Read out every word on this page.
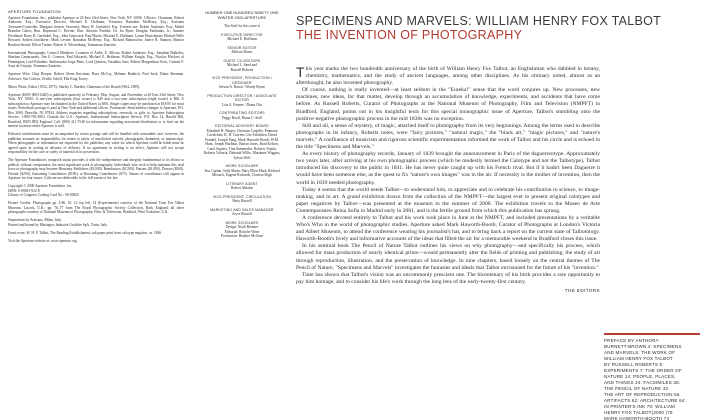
APERTURE FOUNDATION

Aperture Foundation, Inc., publisher Aperture at 20 East 23rd Street, New York, NY 10010. Officers: Chairman, Robert Anthoine, Esq.; Executive Director, Michael E. Hoffman; Treasurer, Barnabas McHenry, Esq.; Assistant Treasurer/Controller, Margaret Jensen; Secretary, Barry H. Garfinkel, Esq. Trustees are: Robert Anthoine, Esq.; Mabel Brandon Cabot; Hon. Raymond C. Devine; Hon. Antonio Paoletti; Dr. Ira Ryan; Douglas Fairbanks, Jr.; Annette Friedland; Barry H. Garfinkel, Esq.; John Gattwood; Paul Harris; Michael E. Hoffman; Lynne Honickman; Michael Belle Howard; Andrea Jonckheer; Mark Levine; Barnabas McHenry, Esq.; Richard Rabinowitz; Janice B. Stanton; Marion Boulton Stroud; Elliott Turner; Robert A. Wiesenburg; Tomomasa Zanettin.

International Photography Council Members: Countess of Airlie, E. Allison, Robert Anthoine, Esq., Jonathan Bulkeley, Sherban Cantacuzino, Jim G. Cosmos, Paul Edwards, Michael E. Hoffman, William Knight, Esq., Nicolas Mockett of Pennington, Lord Palumbo, Ambassador Jorge Pinto, Lord Quinton, Yasuhiko Sato, Robert Morgenthau Scott, Carmen F. Arzu de Urquijo, Tommaso Zanzotto.

Aperture Wire: Chip Hooper, Robert Glenn Ketchum, Buzz McCoy, Melanie Rudnick, Paul Sack, Diane Sherman. Advisors: Sue Coliton, Orville Schell, Ella King Torrey.

Minor White, Editor (1952–1975); Shirley C. Burden, Chairman of the Board (1964–1989).

Aperture (ISSN 0003-6420) is published quarterly, in February, May, August, and November, at 20 East 23rd Street, New York, NY 10010. A one-year subscription (four issues) is $40 and a two-year subscription (eight issues) is $66. A subscription to Aperture may be obtained in the United States (a $50). Single copies may be purchased at $18.95 for most issues. Periodicals postage is paid at New York and additional offices. Postmaster: Send address changes to Aperture, P.O. Box 3000, Denville, NJ 07834. Address inquiries regarding subscriptions, renewals, or gifts to: Aperture Subscription Service, 1-800-783-4903. Outside the U.S.: Aperture, International Subscription Service, P.O. Box 14, Harold Hill, Romford, RM3 8EQ England. Call: (800) 411-7548 for information regarding newsstand distribution or to find out the nearest location where Aperture is sold.

Editorial contributions must be accompanied by return postage and will be handled with reasonable care; however, the publisher assumes no responsibility for return or safety of unsolicited artwork, photographs, diameters, or manuscripts. When photographs or information are requested by the publisher, any value for which Aperture could be liable must be agreed upon in writing in advance of delivery. If no agreement in writing is on effect, Aperture will not accept responsibility for the care or safety of material in its possession.

The Aperture Foundation's nonprofit status provides it with the independence and integrity fundamental to its efforts to publish, without compromise, the most significant work in photography. Individuals who wish to help maintain this vital force in photography may become Honorary Publishers ($5,000), Benefactors ($2,500), Patrons ($1,000), Donors ($500), Friends ($250), Sustaining Contributors ($150), or Retaining Contributors ($75). Names of contributors will appear in Aperture for four issues. Gifts are tax-deductible to the full extent of the law.

Copyright © 2000 Aperture Foundation, Inc.

ISBN: 0-89381-932-8

Library of Congress Catalog Card No.: 58-30845

Picture Credits: Photographs pp. 4-86, 10, 12 top left, 14 (Experiments) courtesy of the National Trust Fox Talbot Museum, Lacock, U.K.; pp. 76–77 from The Royal Photographic Society Collection, Bath, England; all other photographs courtesy of National Museum of Photography, Film, & Television, Bradford, West Yorkshire, U.K.

Separations by Artscans, Milan, Italy.

Printed and bound by Mariogros Industrie Grafiche SpA, Turin, Italy.

Front cover: W. H. F. Talbot, The Reading Establishment, salt paper print from calotype negative, ca. 1846

Visit the Aperture website at: www.aperture.org

NUMBER ONE HUNDRED NINETY ONE
WINTER 2000 APERTURE
The Staff for this issue is
EXECUTIVE DIRECTOR
Michael E. Hoffman
SENIOR EDITOR
Melissa Harris
GUEST CO-EDITORS
Michael L. Sand and
Russell Roberts
VICE PRESIDENT, PRODUCTION / DESIGNER
Stevan A. Baron / Wendy Byrne
PRODUCTION DIRECTOR / ASSOCIATE EDITOR
Lisa A. Farmer / Diana Chu
CONTRIBUTING EDITORS
Peggy Roalf, Diana C. Stoll
EDITORIAL ADVISORY BOARD
Elizabeth H. Berger, Christian Caujolle, Pramona Cavalchini, R. H. Cravens, Ute Eskildsen, David Frankel, Joseph Fung, Mark Haworth-Booth, W.M. Hunt, Joseph Hurlburt, Barton Jones, Brad Kelson, Carol Squiers, Tina Summerlin, Roberto Tejada, Roberta Valtorta, Deborah Willis, Marianne Wiggins, Sylvia Wolf
WORK SCHOLARS
Jess Caplan, Sally Mann, Mary Ellen Mark, Richard Misrach, Eugene Richards, Clarissa Sligh
LITERARY AGENT
Robert Abrams
VICE-PRESIDENT, CIRCULATION
Betty Russell
MARKETING AND SALES MANAGER
Joyce Russell
WORK SCHOLARS
Design: Noah Brenner
Editorial: Brioche Wane
Production: Heather McGinn
SPECIMENS AND MARVELS: WILLIAM HENRY FOX TALBOT
THE INVENTION OF PHOTOGRAPHY

This year marks the two hundredth anniversary of the birth of William Henry Fox Talbot, an Englishman who dabbled in botany, chemistry, mathematics, and the study of ancient languages, among other disciplines. As his obituary noted, almost as an afterthought, he also invented photography.

Of course, nothing is really invented—at least seldom in the "Eureka!" sense that the word conjures up. New processes, new machines, new ideas, for that matter, develop through an accumulation of knowledge, experiments, and accidents that have come before. As Russell Roberts, Curator of Photographs at the National Museum of Photography, Film and Television (NMPFT) in Bradford, England, points out in his insightful texts for this special monographic issue of Aperture, Talbot's stumbling onto the positive-negative photographic process in the mid 1830s was no exception.

Still and all, a sense of mystery, of magic, attached itself to photography from its very beginnings. Among the terms used to describe photographs in its infancy, Roberts notes, were "fairy pictures," "natural magic," the "black art," "magic pictures," and "nature's marvels." A confluence of musicism and rigorous scientific experimentation informed the work of Talbot and his circle and is echoed in the title "Specimens and Marvels."

As every history of photography records, January of 1839 brought the announcement in Paris of the daguerreotype. Approximately two years later, after arriving at his own photographic process (which he modestly termed the Calotype and not the Talbotype), Talbot introduced his discovery to the public in 1841. He has never quite caught up with his French rival. But if it hadn't been Daguerre it would have been someone else, as the quest to fix "nature's own images" was in the air. If necessity is the mother of invention, then the world in 1839 needed photography.

Today it seems that the world needs Talbot—to understand him, to appreciate and to celebrate his contribution to science, to image-making, and to art. A grand exhibition drawn from the collection of the NMPFT—the largest ever to present original calotypes and paper negatives by Talbot—was presented at the museum in the summer of 2000. The exhibition travels to the Museo de Arte Contemporaneo Reina Sofia in Madrid early in 2001, and is the fertile ground from which this publication has sprung.

A conference devoted entirely to Talbot and his work took place in June at the NMPFT, and included presentations by a veritable Who's Who in the world of photographic studies. Aperture asked Mark Haworth-Booth, Curator of Photographs at London's Victoria and Albert Museum, to attend the conference wearing his journalist's hat, and to bring back a report on the current state of Talbotology. Haworth-Booth's lively and informative accounts of the ideas that filled the air for a memorable weekend in Bradford closes this issue.

In his seminal book The Pencil of Nature Talbot outlines his views on why photography—and specifically his process, which allowed for mass production of nearly identical prints—would permanently alter the fields of printing and publishing, the study of art through reproduction, illustration, and the preservation of knowledge. In nine chapters, based loosely on the central themes of The Pencil of Nature, "Specimens and Marvels" investigates the fantasies and ideals that Talbot envisioned for the future of his "invention."

Time has shown that Talbot's vision was an uncommonly prescient one. The bicentenary of his birth provides a rare opportunity to pay him homage, and to consider his life's work through the long lens of the early-twenty-first century.

THE EDITORS
PREFACE BY ANTHONY
BURNETT-BROWN 4: SPECIMENS
AND MARVELS: THE WORK OF
WILLIAM HENRY FOX TALBOT
BY RUSSELL ROBERTS 5:
EXPERIMENTS 7: THE ORDER OF
NATURE 14: PEOPLE, PLACES,
AND THINGS 24: FACSIMILES 36:
THE PENCIL OF NATURE 42:
THE ART OF REPRODUCTION 56
ARTIFACTS 62: ARCHITECTURE 64:
IN PRINTER'S INK 70: WILLIAM
HENRY FOX TALBOT(2000 )75
MARK HAWORTH-BOOTH 74
